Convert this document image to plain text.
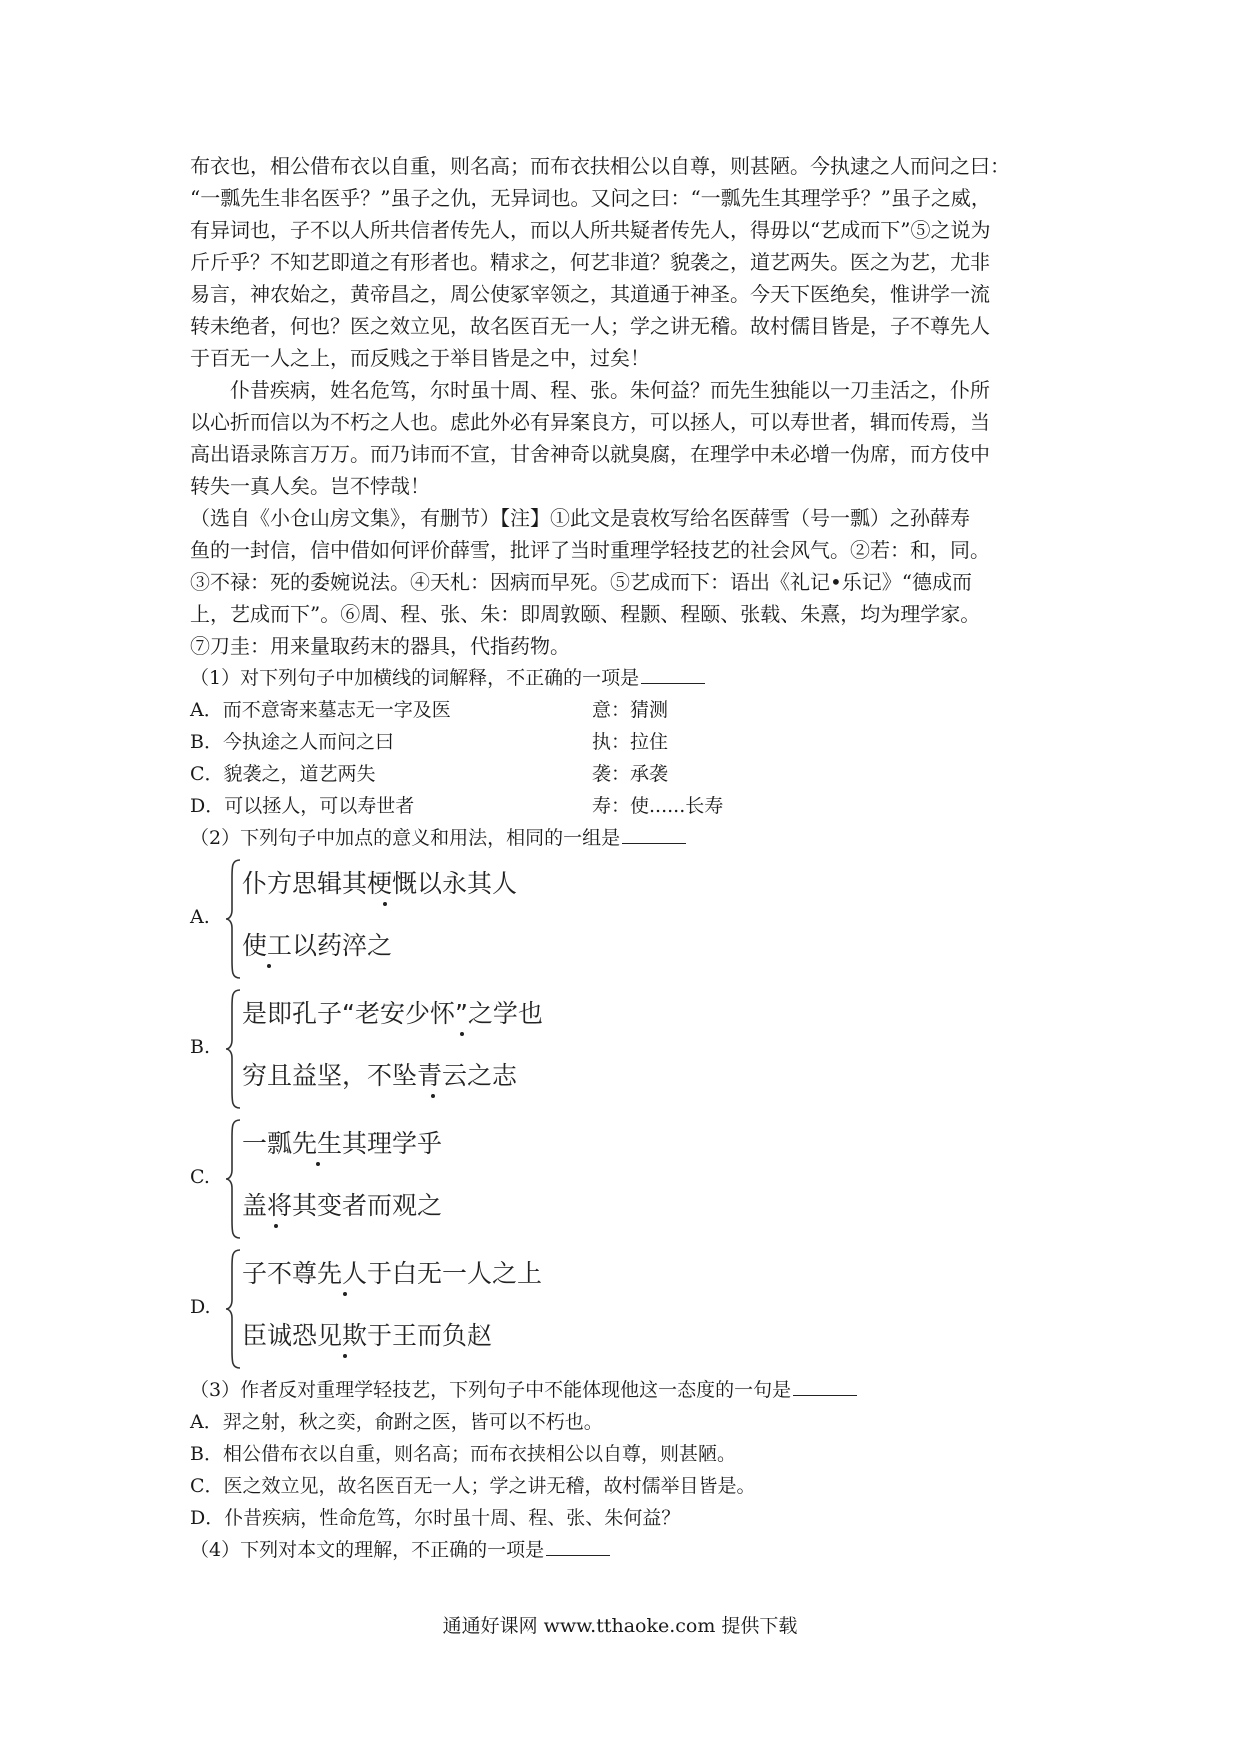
布衣也，相公借布衣以自重，则名高；而布衣扶相公以自尊，则甚陋。今执逮之人而问之曰：
“一瓢先生非名医乎？”虽子之仇，无异词也。又问之曰：“一瓢先生其理学乎？”虽子之威，
有异词也，子不以人所共信者传先人，而以人所共疑者传先人，得毋以“艺成而下”⑤之说为
斤斤乎？不知艺即道之有形者也。精求之，何艺非道？貌袭之，道艺两失。医之为艺，尤非
易言，神农始之，黄帝昌之，周公使冢宰领之，其道通于神圣。今天下医绝矣，惟讲学一流
转未绝者，何也？医之效立见，故名医百无一人；学之讲无稽。故村儒目皆是，子不尊先人
于百无一人之上，而反贱之于举目皆是之中，过矣！
仆昔疾病，姓名危笃，尔时虽十周、程、张。朱何益？而先生独能以一刀圭活之，仆所
以心折而信以为不朽之人也。虑此外必有异案良方，可以拯人，可以寿世者，辑而传焉，当
高出语录陈言万万。而乃讳而不宣，甘舍神奇以就臭腐，在理学中未必增一伪席，而方伎中
转失一真人矣。岂不悖哉！
（选自《小仓山房文集》，有删节）【注】①此文是袁枚写给名医薛雪（号一瓢）之孙薛寿
鱼的一封信，信中借如何评价薛雪，批评了当时重理学轻技艺的社会风气。②若：和，同。
③不禄：死的委婉说法。④天札：因病而早死。⑤艺成而下：语出《礼记•乐记》“德成而
上，艺成而下”。⑥周、程、张、朱：即周敦颐、程颢、程颐、张载、朱熹，均为理学家。
⑦刀圭：用来量取药末的器具，代指药物。
（1）对下列句子中加横线的词解释，不正确的一项是
A．而不意寄来墓志无一字及医	意：猜测
B．今执途之人而问之曰	执：拉住
C．貌袭之，道艺两失	袭：承袭
D．可以拯人，可以寿世者	寿：使......长寿
（2）下列句子中加点的意义和用法，相同的一组是
A.
仆方思辑其梗慨以永其人
使工以药淬之
B.
是即孔子“老安少怀”之学也
穷且益坚，不坠青云之志
C.
一瓢先生其理学乎
盖将其变者而观之
D.
子不尊先人于白无一人之上
臣诚恐见欺于王而负赵
（3）作者反对重理学轻技艺，下列句子中不能体现他这一态度的一句是
A．羿之射，秋之奕，俞跗之医，皆可以不朽也。
B．相公借布衣以自重，则名高；而布衣挟相公以自尊，则甚陋。
C．医之效立见，故名医百无一人；学之讲无稽，故村儒举目皆是。
D．仆昔疾病，性命危笃，尔时虽十周、程、张、朱何益？
（4）下列对本文的理解，不正确的一项是
通通好课网 www.tthaoke.com 提供下载
